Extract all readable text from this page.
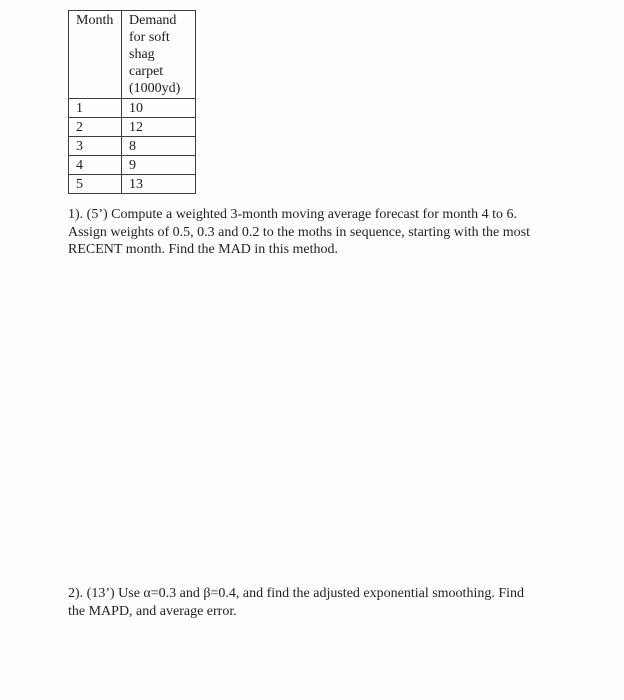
Month	Demand for soft shag carpet (1000yd)
1	10
2	12
3	8
4	9
5	13
1). (5’) Compute a weighted 3-month moving average forecast for month 4 to 6.
Assign weights of 0.5, 0.3 and 0.2 to the moths in sequence, starting with the most
RECENT month. Find the MAD in this method.
2). (13’) Use α=0.3 and β=0.4, and find the adjusted exponential smoothing. Find
the MAPD, and average error.
